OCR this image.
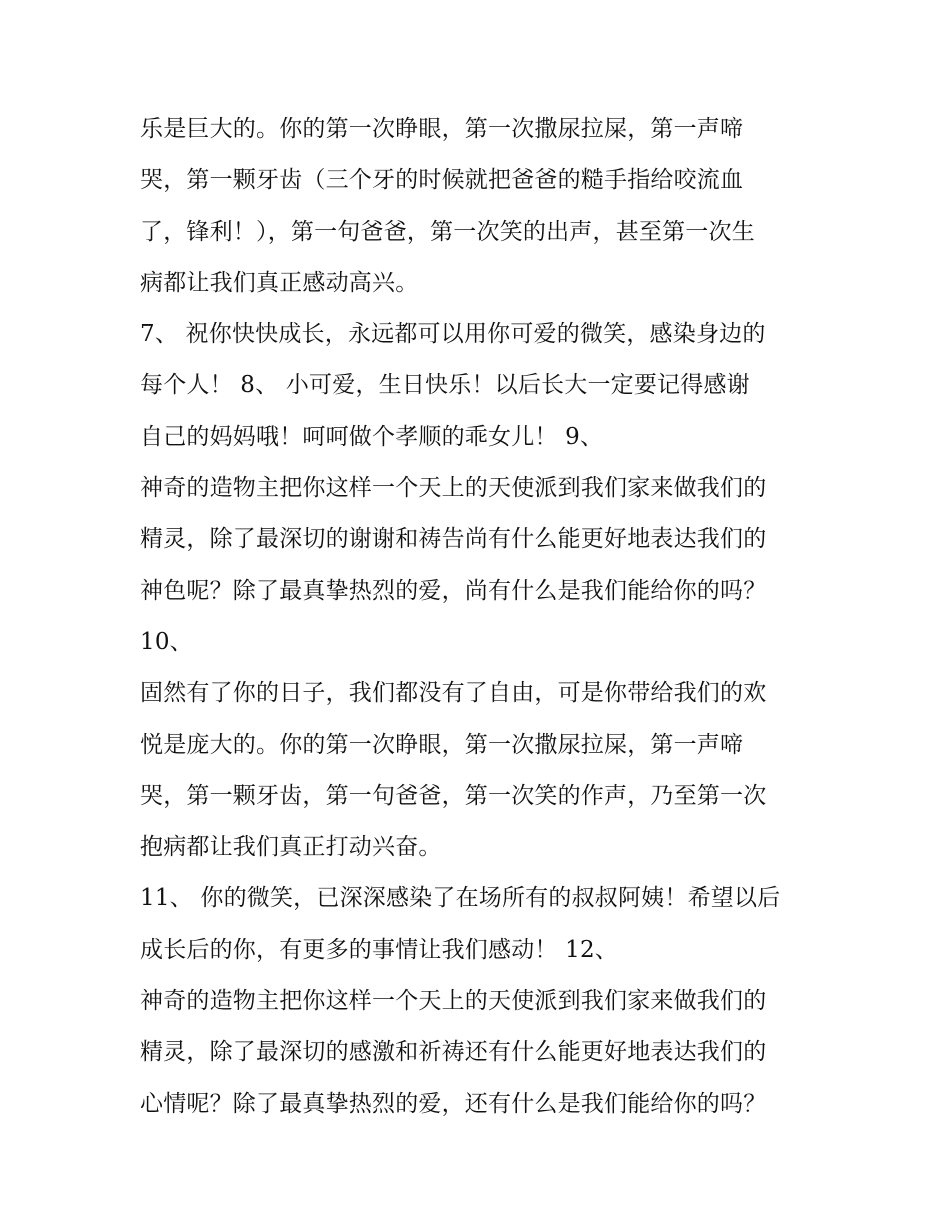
乐是巨大的。你的第一次睁眼，第一次撒尿拉屎，第一声啼
哭，第一颗牙齿（三个牙的时候就把爸爸的糙手指给咬流血
了，锋利！），第一句爸爸，第一次笑的出声，甚至第一次生
病都让我们真正感动高兴。
7、 祝你快快成长，永远都可以用你可爱的微笑，感染身边的
每个人！ 8、 小可爱，生日快乐！以后长大一定要记得感谢
自己的妈妈哦！呵呵做个孝顺的乖女儿！ 9、
神奇的造物主把你这样一个天上的天使派到我们家来做我们的
精灵，除了最深切的谢谢和祷告尚有什么能更好地表达我们的
神色呢？除了最真挚热烈的爱，尚有什么是我们能给你的吗？
10、
固然有了你的日子，我们都没有了自由，可是你带给我们的欢
悦是庞大的。你的第一次睁眼，第一次撒尿拉屎，第一声啼
哭，第一颗牙齿，第一句爸爸，第一次笑的作声，乃至第一次
抱病都让我们真正打动兴奋。
11、 你的微笑，已深深感染了在场所有的叔叔阿姨！希望以后
成长后的你，有更多的事情让我们感动！ 12、
神奇的造物主把你这样一个天上的天使派到我们家来做我们的
精灵，除了最深切的感激和祈祷还有什么能更好地表达我们的
心情呢？除了最真挚热烈的爱，还有什么是我们能给你的吗？
